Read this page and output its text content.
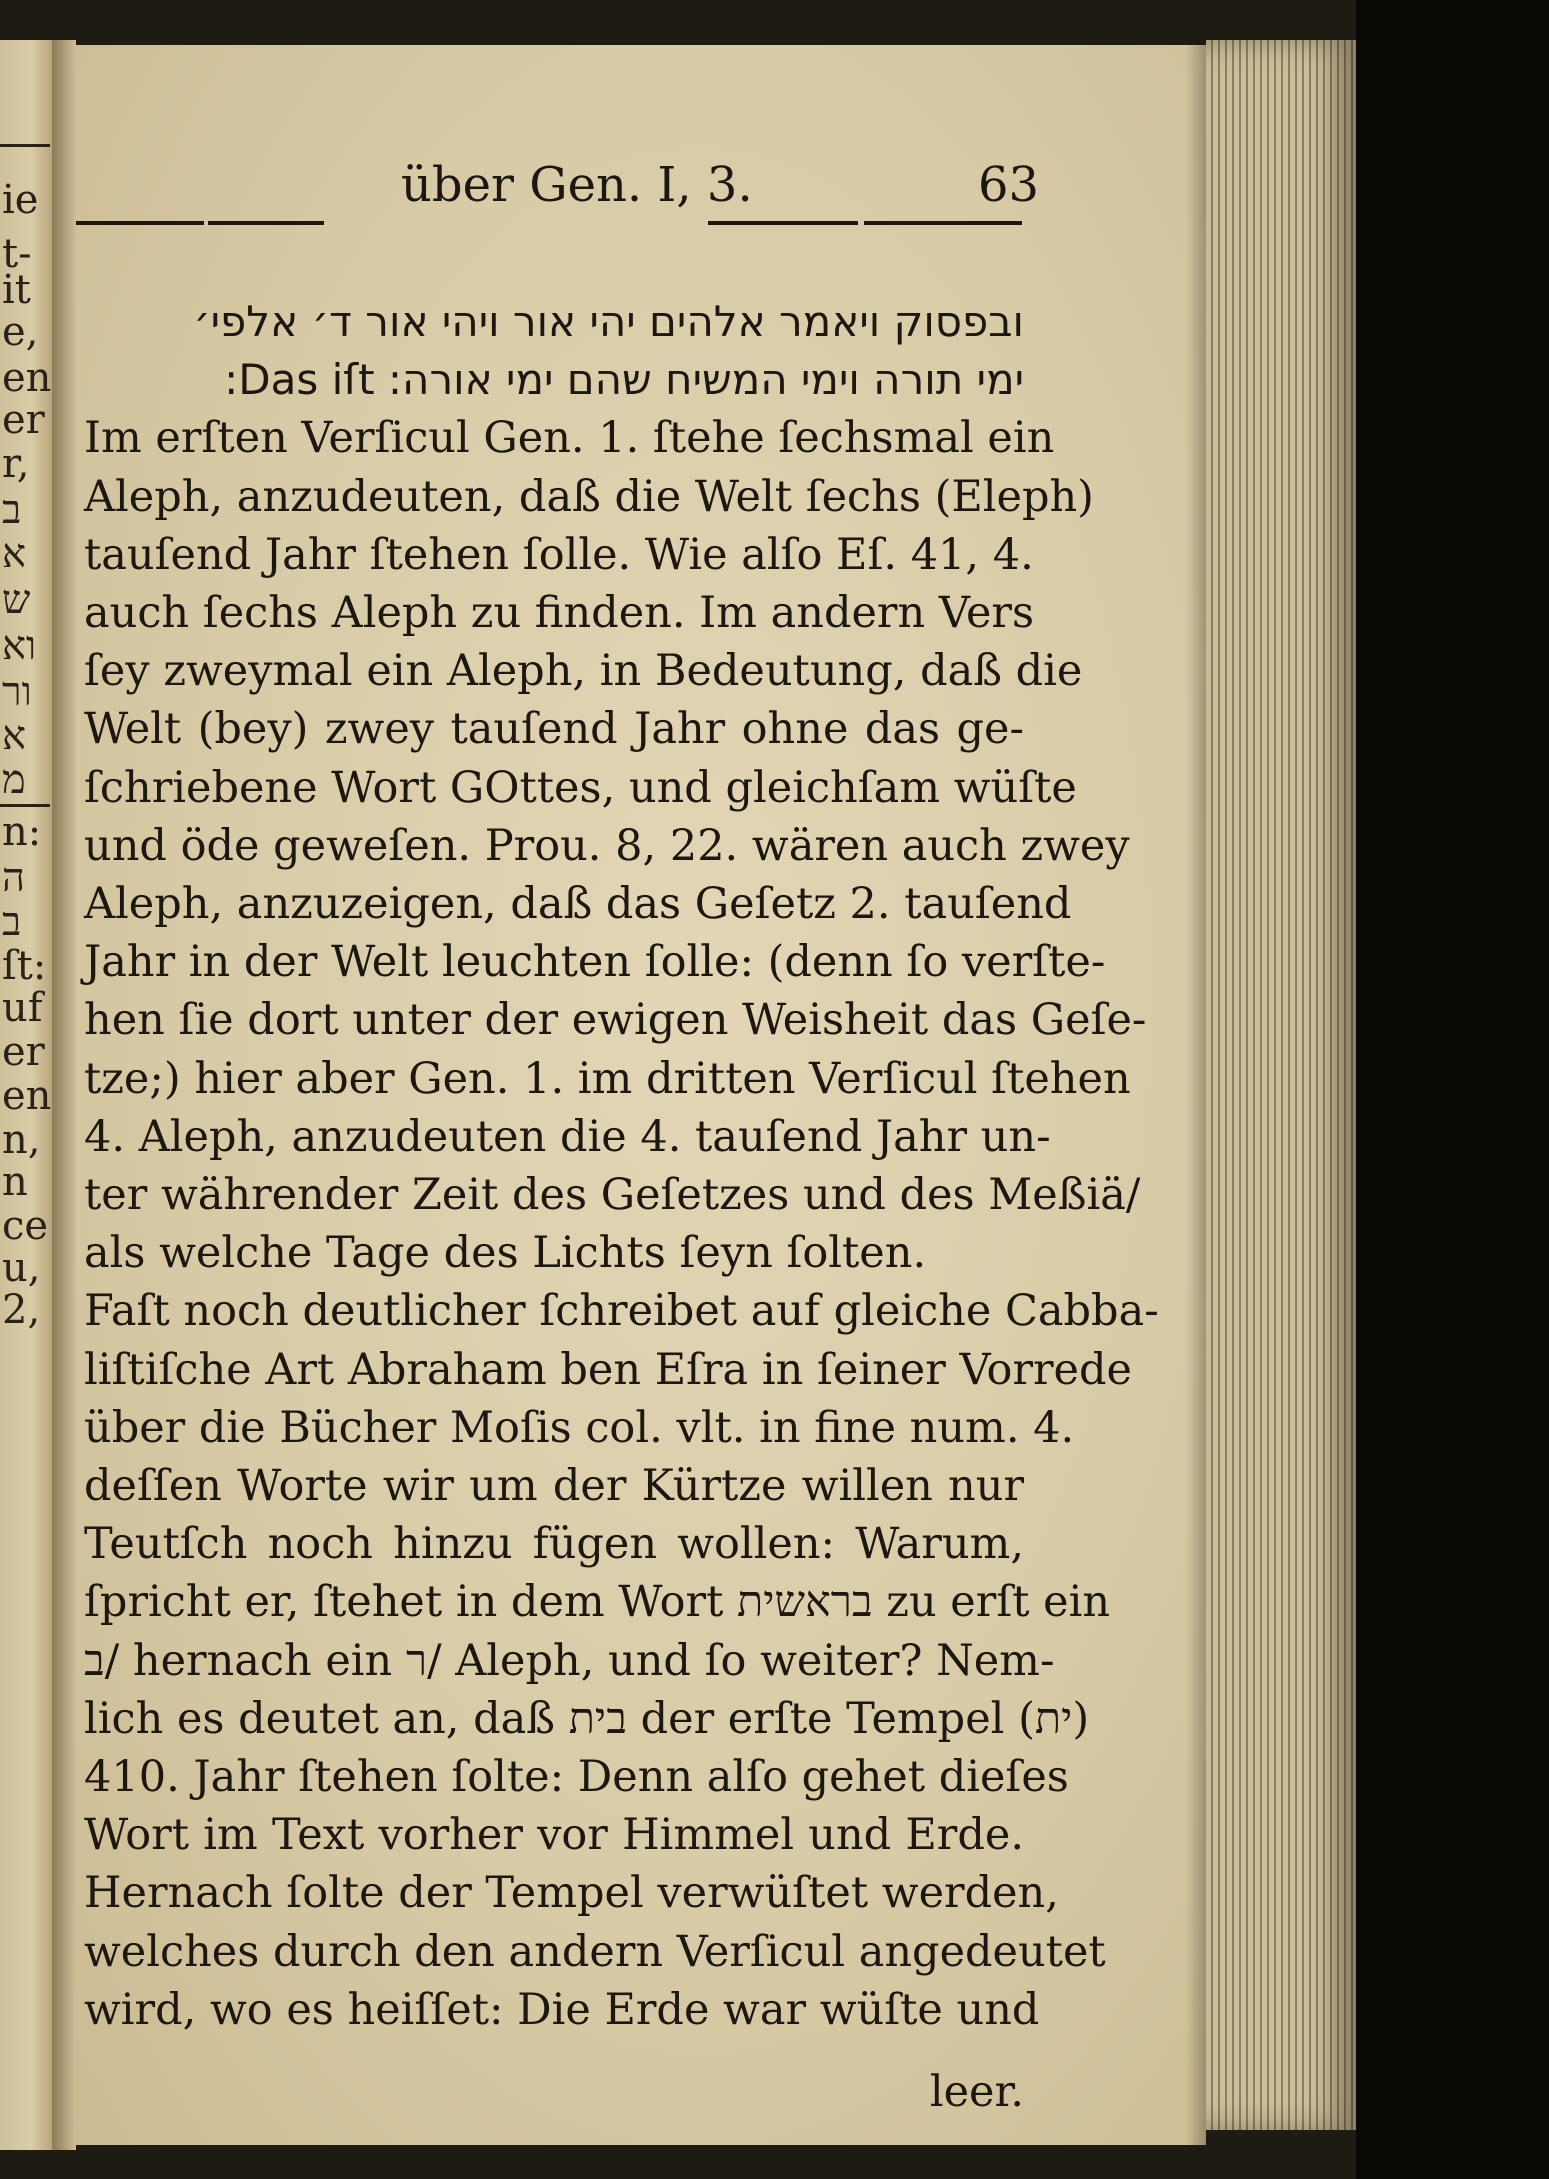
ie
t-
it
e,
en
er
r,
ב
א
ש
וא
ור
א
מ
n:
ה
ב
ſt:
uf
er
en
n,
n
ce
u,
2,
über Gen. I, 3.	63
ובפסוק ויאמר אלהים יהי אור ויהי אור ד׳ אלפי׳
ימי תורה וימי המשיח שהם ימי אורה: Das iſt:
Im erſten Verſicul Gen. 1. ſtehe ſechsmal ein
Aleph, anzudeuten, daß die Welt ſechs (Eleph)
tauſend Jahr ſtehen ſolle. Wie alſo Eſ. 41, 4.
auch ſechs Aleph zu finden. Im andern Vers
ſey zweymal ein Aleph, in Bedeutung, daß die
Welt (bey) zwey tauſend Jahr ohne das ge-
ſchriebene Wort GOttes, und gleichſam wüſte
und öde geweſen. Prou. 8, 22. wären auch zwey
Aleph, anzuzeigen, daß das Geſetz 2. tauſend
Jahr in der Welt leuchten ſolle: (denn ſo verſte-
hen ſie dort unter der ewigen Weisheit das Geſe-
tze;) hier aber Gen. 1. im dritten Verſicul ſtehen
4. Aleph, anzudeuten die 4. tauſend Jahr un-
ter währender Zeit des Geſetzes und des Meßiä/
als welche Tage des Lichts ſeyn ſolten.
Faſt noch deutlicher ſchreibet auf gleiche Cabba-
liſtiſche Art Abraham ben Eſra in ſeiner Vorrede
über die Bücher Moſis col. vlt. in fine num. 4.
deſſen Worte wir um der Kürtze willen nur
Teutſch noch hinzu fügen wollen: Warum,
ſpricht er, ſtehet in dem Wort בראשית zu erſt ein
ב/ hernach ein ר/ Aleph, und ſo weiter? Nem-
lich es deutet an, daß בית der erſte Tempel (ית)
410. Jahr ſtehen ſolte: Denn alſo gehet dieſes
Wort im Text vorher vor Himmel und Erde.
Hernach ſolte der Tempel verwüſtet werden,
welches durch den andern Verſicul angedeutet
wird, wo es heiſſet: Die Erde war wüſte und
leer.
